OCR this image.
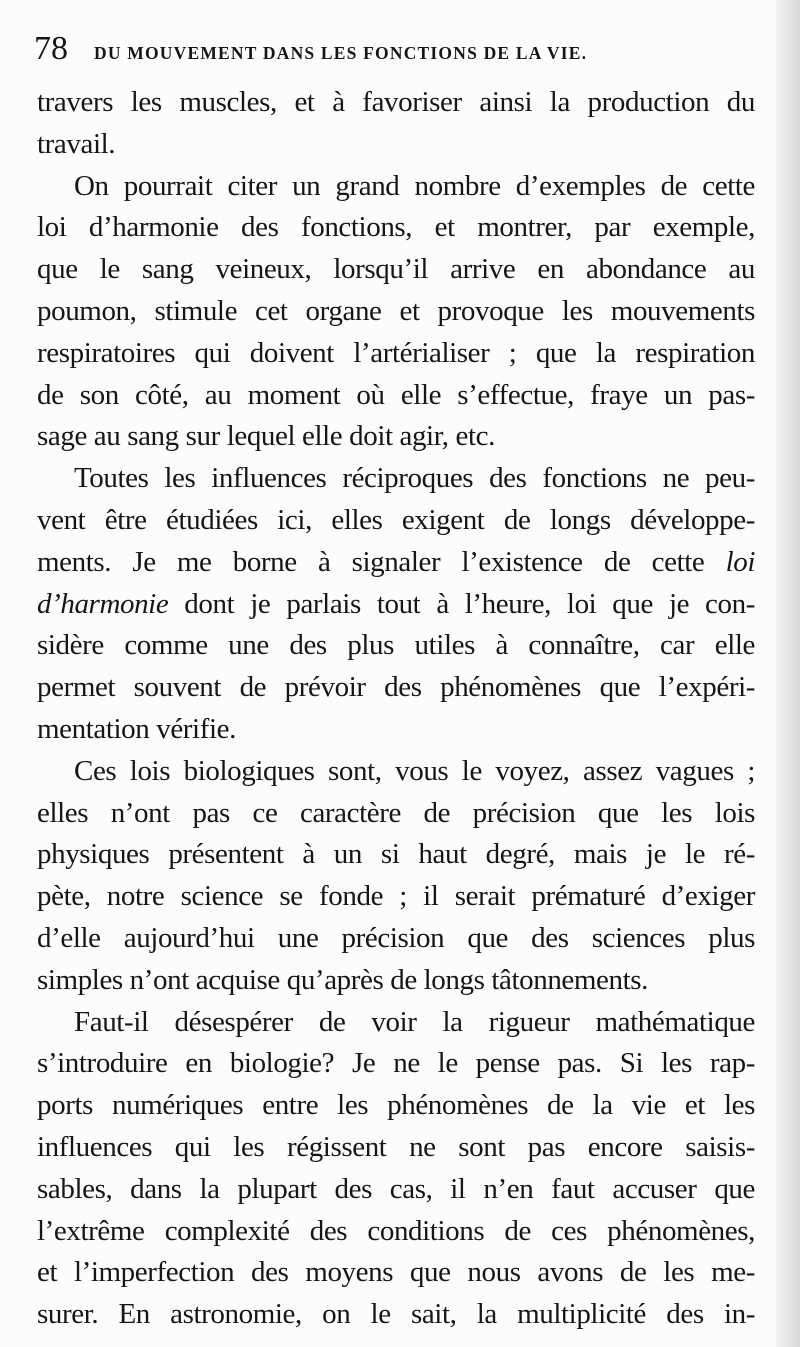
78 DU MOUVEMENT DANS LES FONCTIONS DE LA VIE.
travers les muscles, et à favoriser ainsi la production du
travail.
On pourrait citer un grand nombre d’exemples de cette
loi d’harmonie des fonctions, et montrer, par exemple,
que le sang veineux, lorsqu’il arrive en abondance au
poumon, stimule cet organe et provoque les mouvements
respiratoires qui doivent l’artérialiser ; que la respiration
de son côté, au moment où elle s’effectue, fraye un pas-
sage au sang sur lequel elle doit agir, etc.
Toutes les influences réciproques des fonctions ne peu-
vent être étudiées ici, elles exigent de longs développe-
ments. Je me borne à signaler l’existence de cette loi
d’harmonie dont je parlais tout à l’heure, loi que je con-
sidère comme une des plus utiles à connaître, car elle
permet souvent de prévoir des phénomènes que l’expéri-
mentation vérifie.
Ces lois biologiques sont, vous le voyez, assez vagues ;
elles n’ont pas ce caractère de précision que les lois
physiques présentent à un si haut degré, mais je le ré-
pète, notre science se fonde ; il serait prématuré d’exiger
d’elle aujourd’hui une précision que des sciences plus
simples n’ont acquise qu’après de longs tâtonnements.
Faut-il désespérer de voir la rigueur mathématique
s’introduire en biologie? Je ne le pense pas. Si les rap-
ports numériques entre les phénomènes de la vie et les
influences qui les régissent ne sont pas encore saisis-
sables, dans la plupart des cas, il n’en faut accuser que
l’extrême complexité des conditions de ces phénomènes,
et l’imperfection des moyens que nous avons de les me-
surer. En astronomie, on le sait, la multiplicité des in-
